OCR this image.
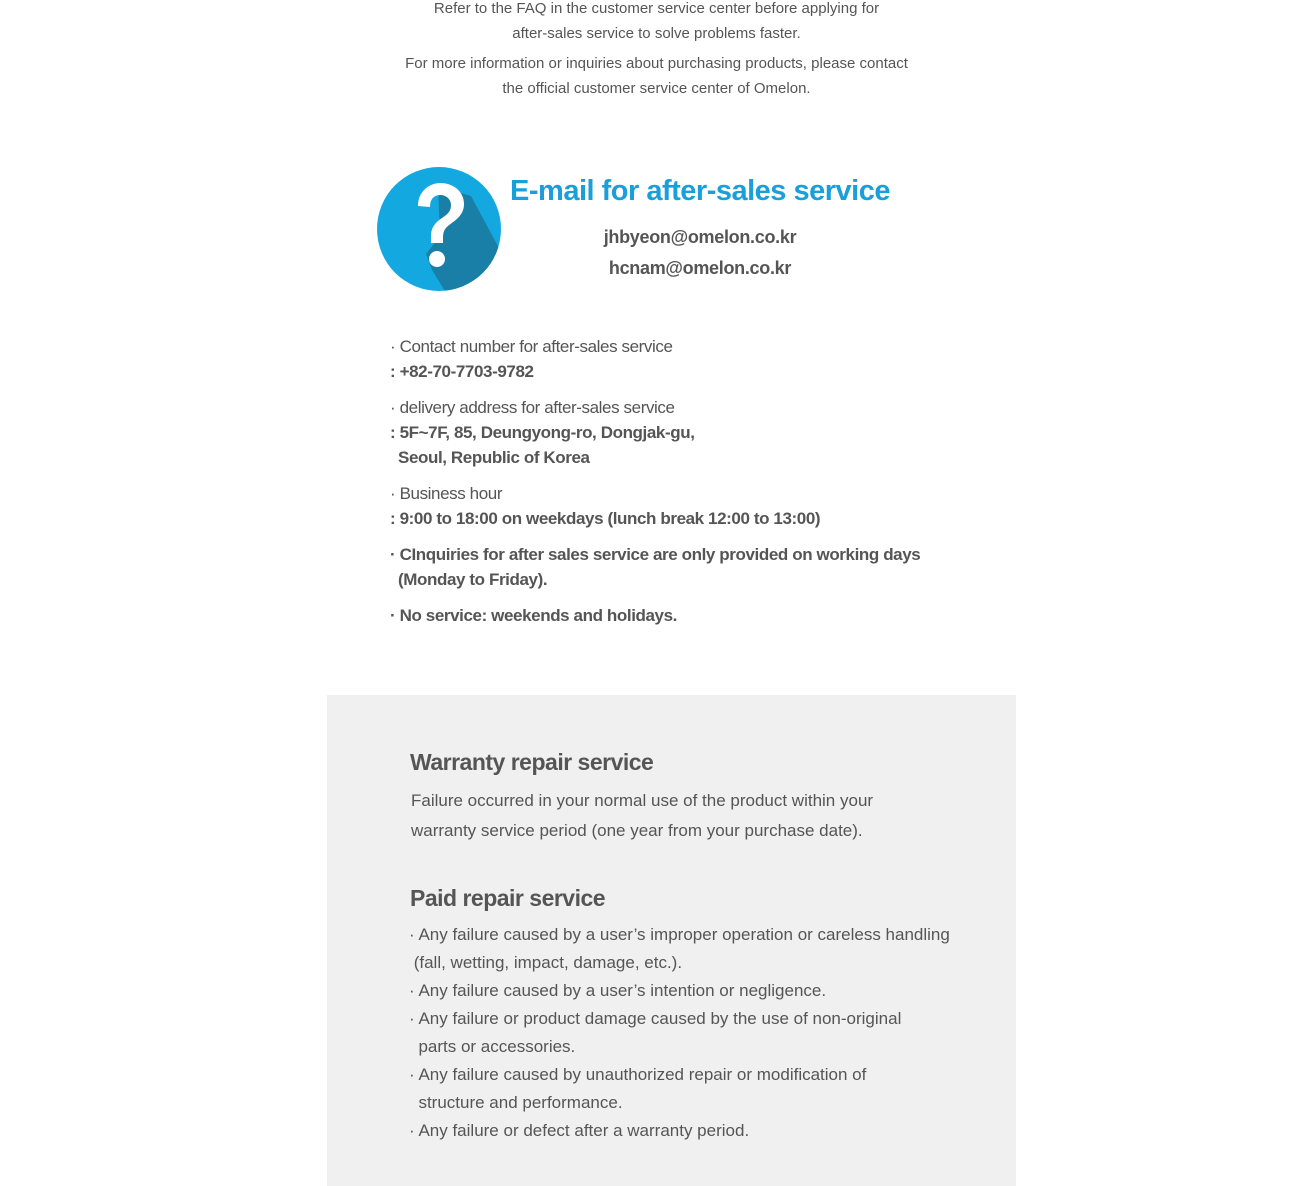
Refer to the FAQ in the customer service center before applying for

after-sales service to solve problems faster.

For more information or inquiries about purchasing products, please contact

the official customer service center of Omelon.

E-mail for after-sales service

jhbyeon@omelon.co.kr

hcnam@omelon.co.kr

· Contact number for after-sales service
: +82-70-7703-9782
· delivery address for after-sales service
: 5F~7F, 85, Deungyong-ro, Dongjak-gu,
Seoul, Republic of Korea
· Business hour
: 9:00 to 18:00 on weekdays (lunch break 12:00 to 13:00)
· CInquiries for after sales service are only provided on working days
(Monday to Friday).
· No service: weekends and holidays.
Warranty repair service

Failure occurred in your normal use of the product within your
warranty service period (one year from your purchase date).

Paid repair service
· Any failure caused by a user’s improper operation or careless handling
(fall, wetting, impact, damage, etc.).
· Any failure caused by a user’s intention or negligence.
· Any failure or product damage caused by the use of non-original
parts or accessories.
· Any failure caused by unauthorized repair or modification of
structure and performance.
· Any failure or defect after a warranty period.
